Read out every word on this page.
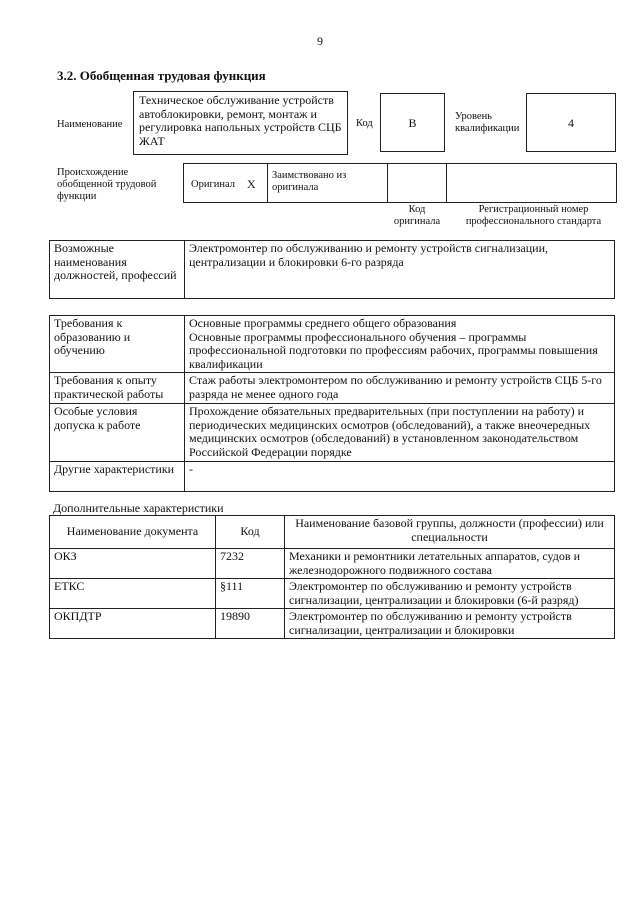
9
3.2. Обобщенная трудовая функция
Наименование
Техническое обслуживание устройств автоблокировки, ремонт, монтаж и регулировка напольных устройств СЦБ ЖАТ
Код	B	Уровень квалификации	4
Происхождение обобщенной трудовой функции
Оригинал X
Заимствовано из оригинала
Код оригинала
Регистрационный номер профессионального стандарта
Возможные наименования должностей, профессий	Электромонтер по обслуживанию и ремонту устройств сигнализации, централизации и блокировки 6-го разряда
Требования к образованию и обучению	Основные программы среднего общего образования
Основные программы профессионального обучения – программы профессиональной подготовки по профессиям рабочих, программы повышения квалификации
Требования к опыту практической работы	Стаж работы электромонтером по обслуживанию и ремонту устройств СЦБ 5-го разряда не менее одного года
Особые условия допуска к работе	Прохождение обязательных предварительных (при поступлении на работу) и периодических медицинских осмотров (обследований), а также внеочередных медицинских осмотров (обследований) в установленном законодательством Российской Федерации порядке
Другие характеристики	-
Дополнительные характеристики
Наименование документа	Код	Наименование базовой группы, должности (профессии) или специальности
ОКЗ	7232	Механики и ремонтники летательных аппаратов, судов и железнодорожного подвижного состава
ЕТКС	§111	Электромонтер по обслуживанию и ремонту устройств сигнализации, централизации и блокировки (6-й разряд)
ОКПДТР	19890	Электромонтер по обслуживанию и ремонту устройств сигнализации, централизации и блокировки
